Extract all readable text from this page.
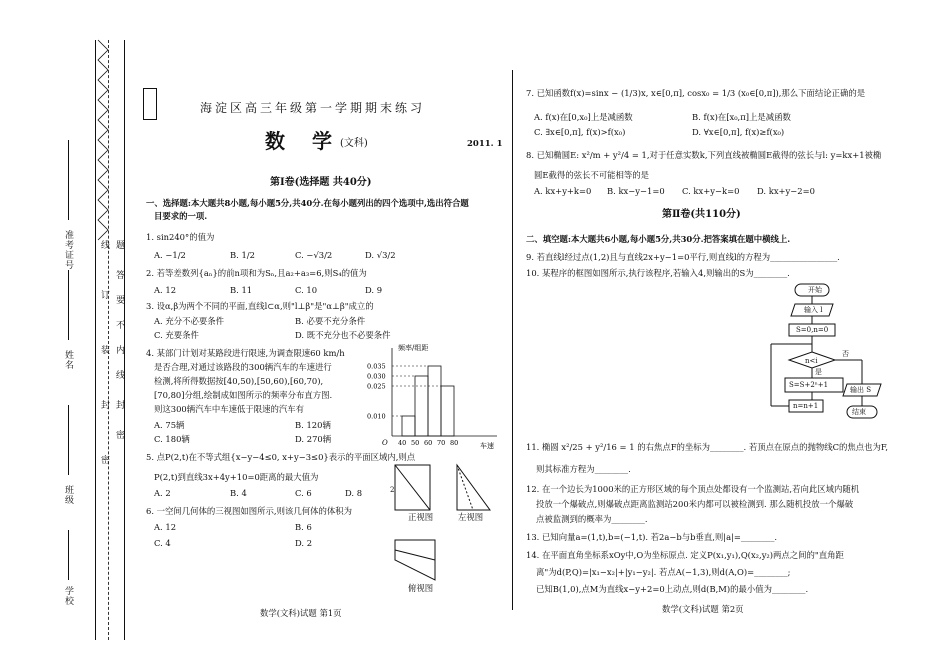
学校
班级
姓名
准考证号	线
订
装
封
密
密
封
线
内
不
要
答
题
海淀区高三年级第一学期期末练习
数 学
(文科)	2011. 1
第Ⅰ卷(选择题 共40分)
一、选择题:本大题共8小题,每小题5分,共40分.在每小题列出的四个选项中,选出符合题
目要求的一项.
1. sin240°的值为
A. −1/2	B. 1/2	C. −√3/2	D. √3/2
2. 若等差数列{aₙ}的前n项和为Sₙ,且a₂+a₃=6,则S₄的值为
A. 12	B. 11	C. 10	D. 9
3. 设α,β为两个不同的平面,直线l⊂α,则"l⊥β"是"α⊥β"成立的
A. 充分不必要条件	B. 必要不充分条件
C. 充要条件	D. 既不充分也不必要条件
4. 某部门计划对某路段进行限速,为调查限速60 km/h
是否合理,对通过该路段的300辆汽车的车速进行
检测,将所得数据按[40,50),[50,60),[60,70),
[70,80]分组,绘制成如图所示的频率分布直方图.
则这300辆汽车中车速低于限速的汽车有
A. 75辆	B. 120辆
C. 180辆	D. 270辆
频率/组距
车速
O
0.010
0.025
0.030
0.035
40 50 60 70 80
5. 点P(2,t)在不等式组{x−y−4≤0, x+y−3≤0}表示的平面区域内,则点
P(2,t)到直线3x+4y+10=0距离的最大值为
A. 2	B. 4	C. 6	D. 8
6. 一空间几何体的三视图如图所示,则该几何体的体积为
A. 12	B. 6
C. 4	D. 2
2
正视图	左视图
俯视图
数学(文科)试题 第1页
7. 已知函数f(x)=sinx − (1/3)x, x∈[0,π], cosx₀ = 1/3 (x₀∈[0,π]),那么下面结论正确的是
A. f(x)在[0,x₀]上是减函数	B. f(x)在[x₀,π]上是减函数
C. ∃x∈[0,π], f(x)>f(x₀)	D. ∀x∈[0,π], f(x)≥f(x₀)
8. 已知椭圆E: x²/m + y²/4 = 1,对于任意实数k,下列直线被椭圆E截得的弦长与l: y=kx+1被椭
圆E截得的弦长不可能相等的是
A. kx+y+k=0 B. kx−y−1=0 C. kx+y−k=0 D. kx+y−2=0
第Ⅱ卷(共110分)
二、填空题:本大题共6小题,每小题5分,共30分.把答案填在题中横线上.
9. 若直线l经过点(1,2)且与直线2x+y−1=0平行,则直线l的方程为________________.
10. 某程序的框图如图所示,执行该程序,若输入4,则输出的S为________.
开始
输入 l
S=0,n=0
n<i
否
是
S=S+2ⁿ+1
n=n+1
输出 S
结束
11. 椭圆 x²/25 + y²/16 = 1 的右焦点F的坐标为________. 若顶点在原点的抛物线C的焦点也为F,
则其标准方程为________.
12. 在一个边长为1000米的正方形区域的每个顶点处都设有一个监测站,若向此区域内随机
投放一个爆破点,则爆破点距离监测站200米内都可以被检测到. 那么随机投放一个爆破
点被监测到的概率为________.
13. 已知向量a=(1,t),b=(−1,t). 若2a−b与b垂直,则|a|=________.
14. 在平面直角坐标系xOy中,O为坐标原点. 定义P(x₁,y₁),Q(x₂,y₂)两点之间的"直角距
离"为d(P,Q)=|x₁−x₂|+|y₁−y₂|. 若点A(−1,3),则d(A,O)=________;
已知B(1,0),点M为直线x−y+2=0上动点,则d(B,M)的最小值为________.
数学(文科)试题 第2页
